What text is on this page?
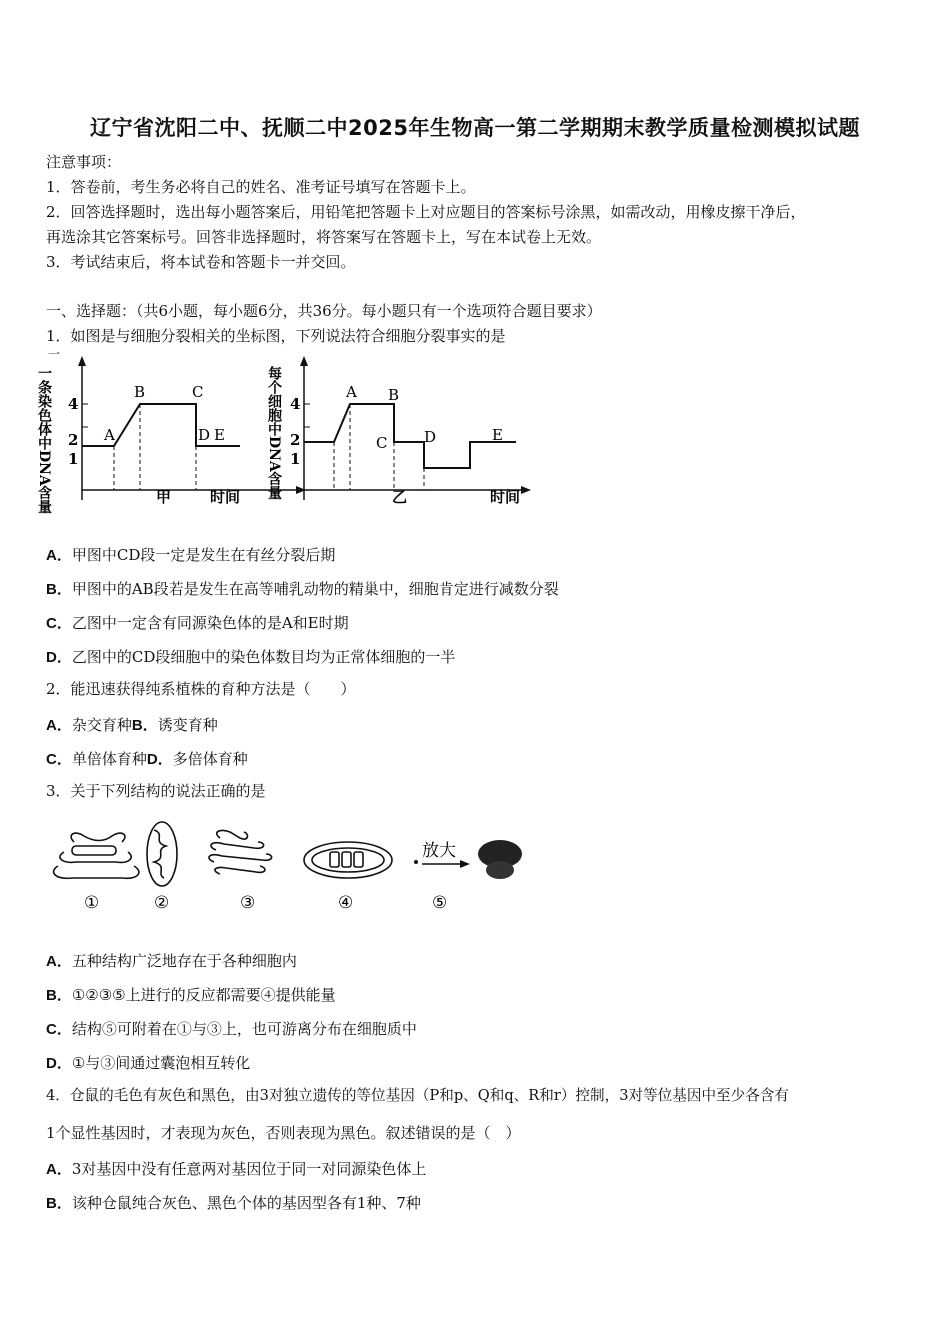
辽宁省沈阳二中、抚顺二中2025年生物高一第二学期期末教学质量检测模拟试题
注意事项：
1．答卷前，考生务必将自己的姓名、准考证号填写在答题卡上。
2．回答选择题时，选出每小题答案后，用铅笔把答题卡上对应题目的答案标号涂黑，如需改动，用橡皮擦干净后，
再选涂其它答案标号。回答非选择题时，将答案写在答题卡上，写在本试卷上无效。
3．考试结束后，将本试卷和答题卡一并交回。
一、选择题：（共6小题，每小题6分，共36分。每小题只有一个选项符合题目要求）
1．如图是与细胞分裂相关的坐标图，下列说法符合细胞分裂事实的是
一
一条染色体中DNA含量 4
2
1
A
B	C
D E
甲	时间 每个细胞中DNA含量 4
2
1
A B
C D	E
乙	时间
A．甲图中CD段一定是发生在有丝分裂后期
B．甲图中的AB段若是发生在高等哺乳动物的精巢中，细胞肯定进行减数分裂
C．乙图中一定含有同源染色体的是A和E时期
D．乙图中的CD段细胞中的染色体数目均为正常体细胞的一半
2．能迅速获得纯系植株的育种方法是（　　）
A．杂交育种B．诱变育种
C．单倍体育种D．多倍体育种
3．关于下列结构的说法正确的是
①	②	③	④
放大
⑤
A．五种结构广泛地存在于各种细胞内
B．①②③⑤上进行的反应都需要④提供能量
C．结构⑤可附着在①与③上，也可游离分布在细胞质中
D．①与③间通过囊泡相互转化
4．仓鼠的毛色有灰色和黑色，由3对独立遗传的等位基因（P和p、Q和q、R和r）控制，3对等位基因中至少各含有
1个显性基因时，才表现为灰色，否则表现为黑色。叙述错误的是（　）
A．3对基因中没有任意两对基因位于同一对同源染色体上
B．该种仓鼠纯合灰色、黑色个体的基因型各有1种、7种
